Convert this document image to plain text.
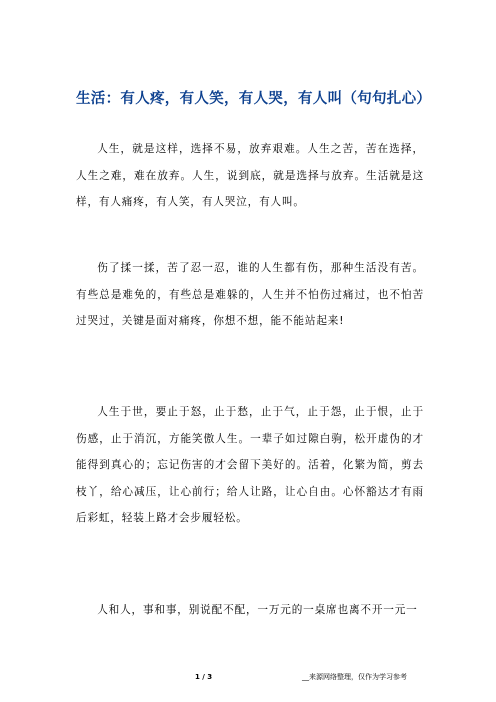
生活：有人疼，有人笑，有人哭，有人叫（句句扎心）

人生，就是这样，选择不易，放弃艰难。人生之苦，苦在选择，人生之难，难在放弃。人生，说到底，就是选择与放弃。生活就是这样，有人痛疼，有人笑，有人哭泣，有人叫。

伤了揉一揉，苦了忍一忍，谁的人生都有伤，那种生活没有苦。有些总是难免的，有些总是难躲的，人生并不怕伤过痛过，也不怕苦过哭过，关键是面对痛疼，你想不想，能不能站起来!

人生于世，要止于怒，止于愁，止于气，止于怨，止于恨，止于伤感，止于消沉，方能笑傲人生。一辈子如过隙白驹，松开虚伪的才能得到真心的；忘记伤害的才会留下美好的。活着，化繁为简，剪去枝丫，给心减压，让心前行；给人让路，让心自由。心怀豁达才有雨后彩虹，轻装上路才会步履轻松。

人和人，事和事，别说配不配，一万元的一桌席也离不开一元一

1 / 3	__来源网络整理，仅作为学习参考
